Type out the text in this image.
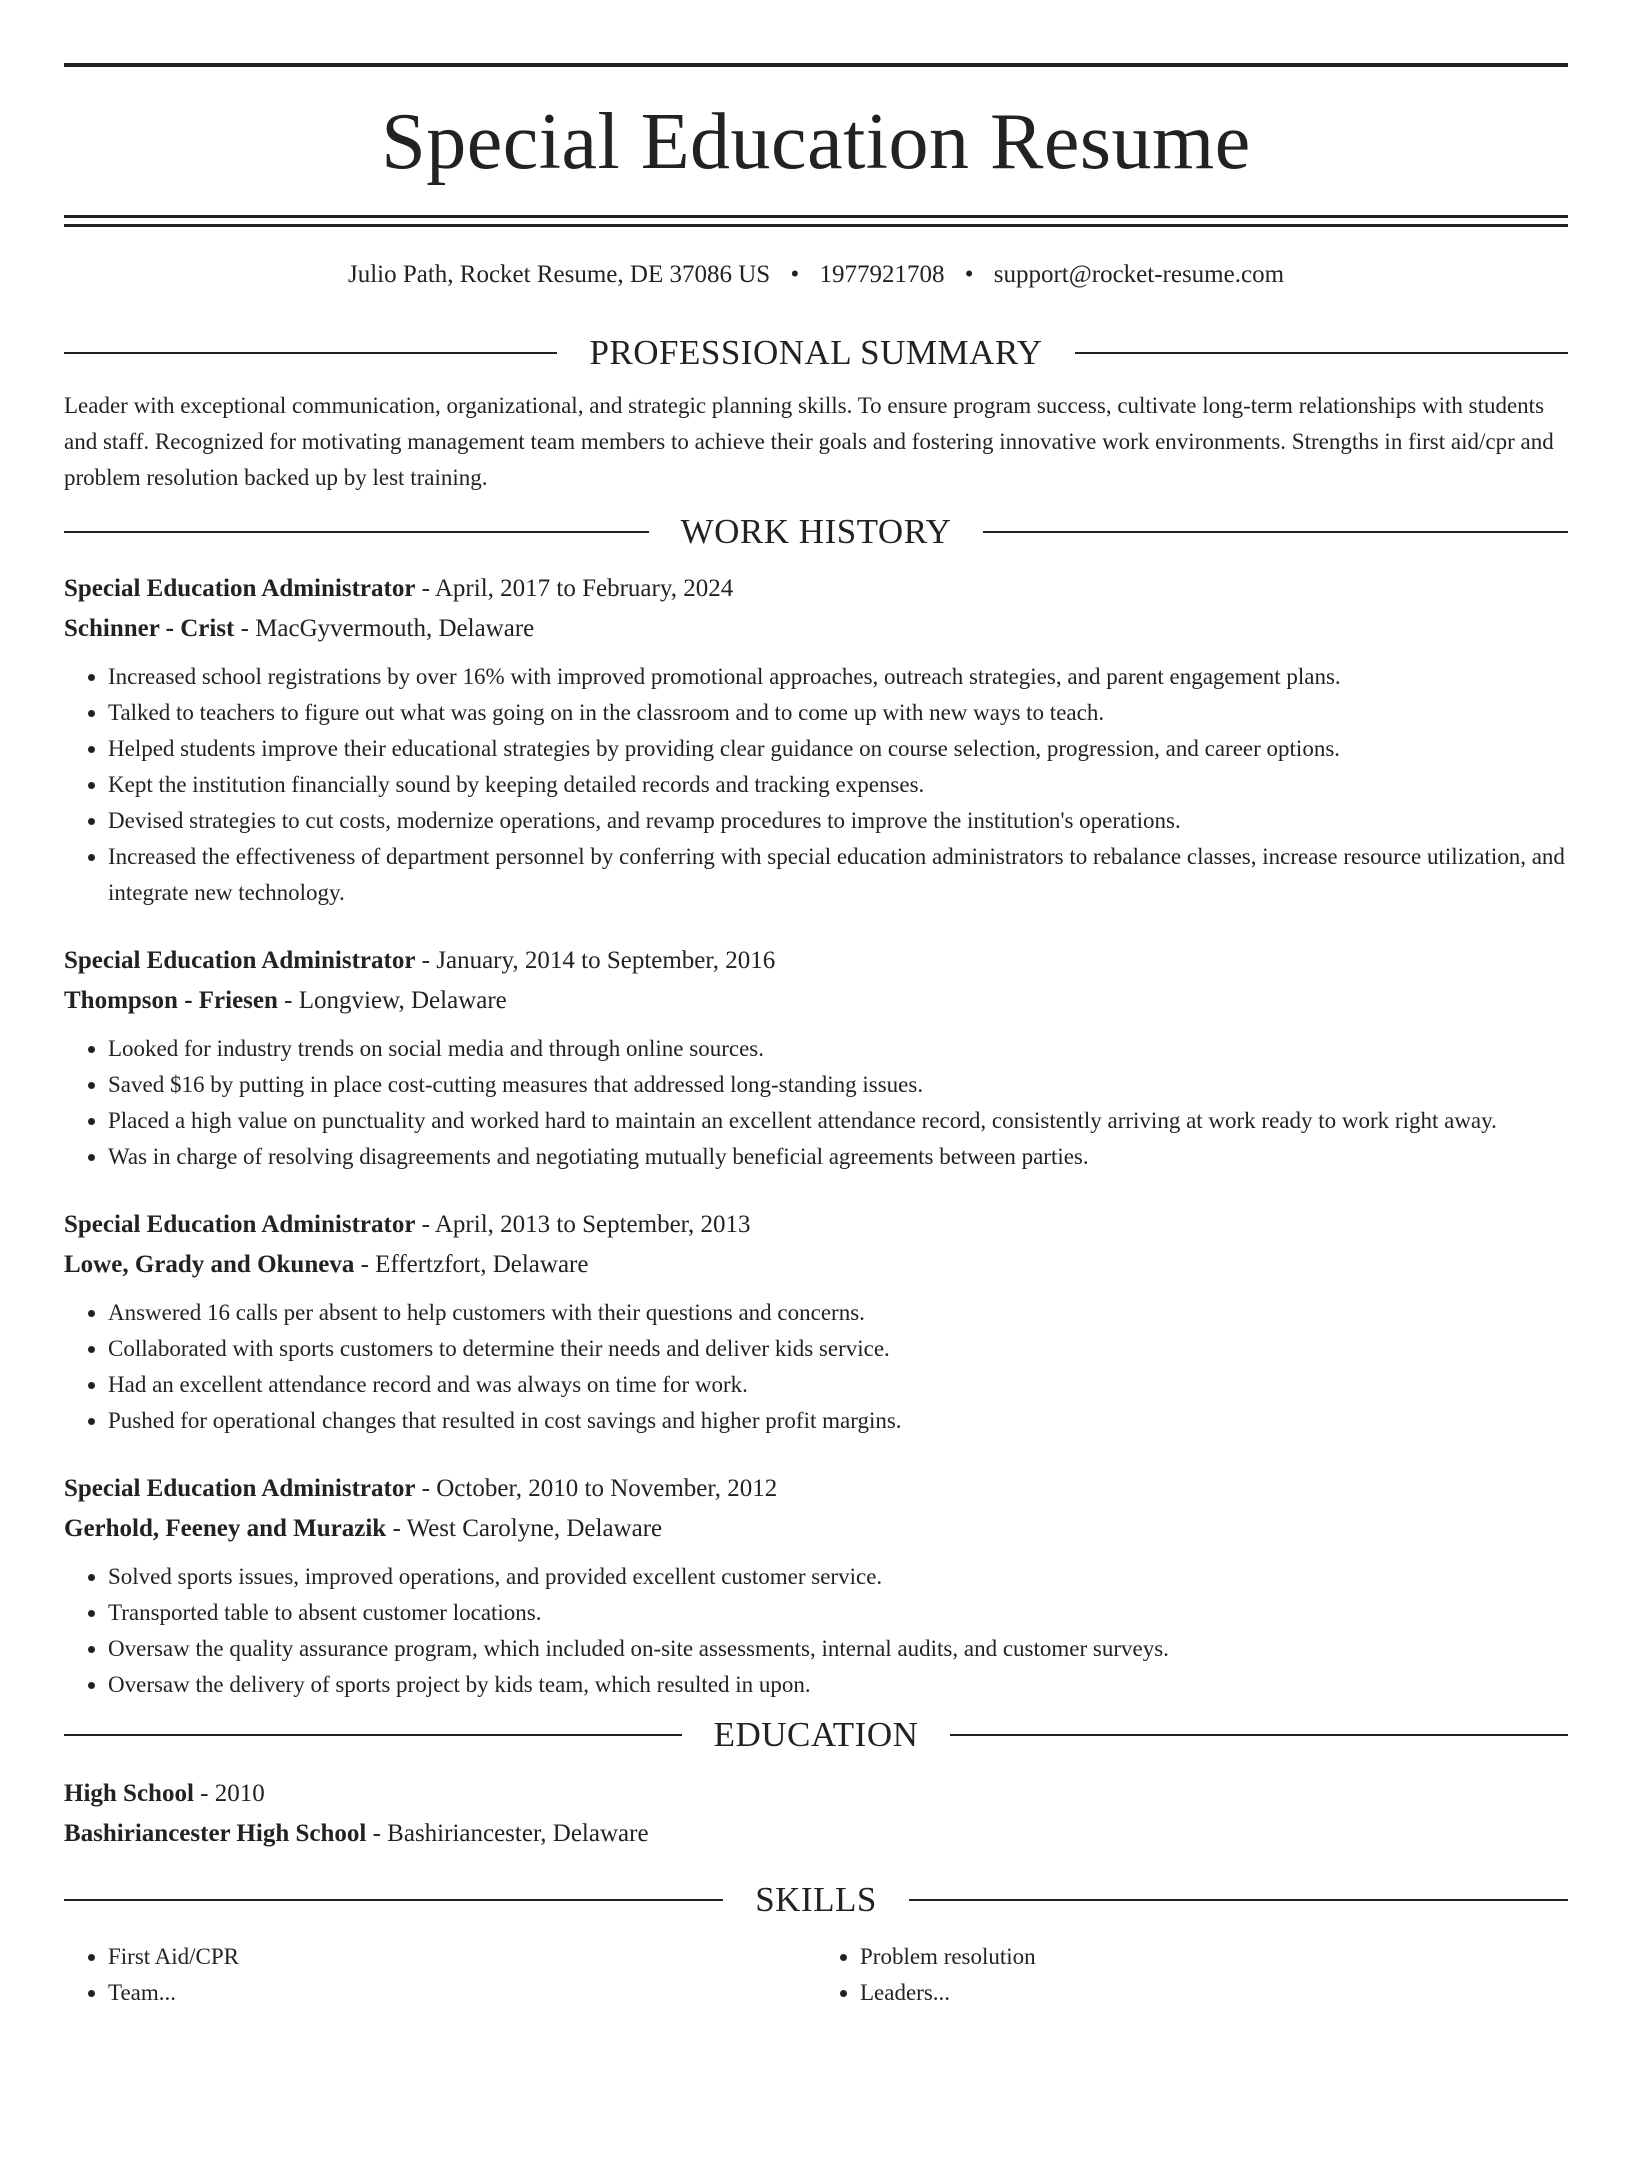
Special Education Resume
Julio Path, Rocket Resume, DE 37086 US • 1977921708 • support@rocket-resume.com
PROFESSIONAL SUMMARY

Leader with exceptional communication, organizational, and strategic planning skills. To ensure program success, cultivate long-term relationships with students and staff. Recognized for motivating management team members to achieve their goals and fostering innovative work environments. Strengths in first aid/cpr and problem resolution backed up by lest training.

WORK HISTORY
Special Education Administrator - April, 2017 to February, 2024
Schinner - Crist - MacGyvermouth, Delaware
• Increased school registrations by over 16% with improved promotional approaches, outreach strategies, and parent engagement plans.
• Talked to teachers to figure out what was going on in the classroom and to come up with new ways to teach.
• Helped students improve their educational strategies by providing clear guidance on course selection, progression, and career options.
• Kept the institution financially sound by keeping detailed records and tracking expenses.
• Devised strategies to cut costs, modernize operations, and revamp procedures to improve the institution's operations.
• Increased the effectiveness of department personnel by conferring with special education administrators to rebalance classes, increase resource utilization, and integrate new technology.
Special Education Administrator - January, 2014 to September, 2016
Thompson - Friesen - Longview, Delaware
• Looked for industry trends on social media and through online sources.
• Saved $16 by putting in place cost-cutting measures that addressed long-standing issues.
• Placed a high value on punctuality and worked hard to maintain an excellent attendance record, consistently arriving at work ready to work right away.
• Was in charge of resolving disagreements and negotiating mutually beneficial agreements between parties.
Special Education Administrator - April, 2013 to September, 2013
Lowe, Grady and Okuneva - Effertzfort, Delaware
• Answered 16 calls per absent to help customers with their questions and concerns.
• Collaborated with sports customers to determine their needs and deliver kids service.
• Had an excellent attendance record and was always on time for work.
• Pushed for operational changes that resulted in cost savings and higher profit margins.
Special Education Administrator - October, 2010 to November, 2012
Gerhold, Feeney and Murazik - West Carolyne, Delaware
• Solved sports issues, improved operations, and provided excellent customer service.
• Transported table to absent customer locations.
• Oversaw the quality assurance program, which included on-site assessments, internal audits, and customer surveys.
• Oversaw the delivery of sports project by kids team, which resulted in upon.
EDUCATION
High School - 2010
Bashiriancester High School - Bashiriancester, Delaware
SKILLS
• First Aid/CPR
• Team...
• Problem resolution
• Leaders...
